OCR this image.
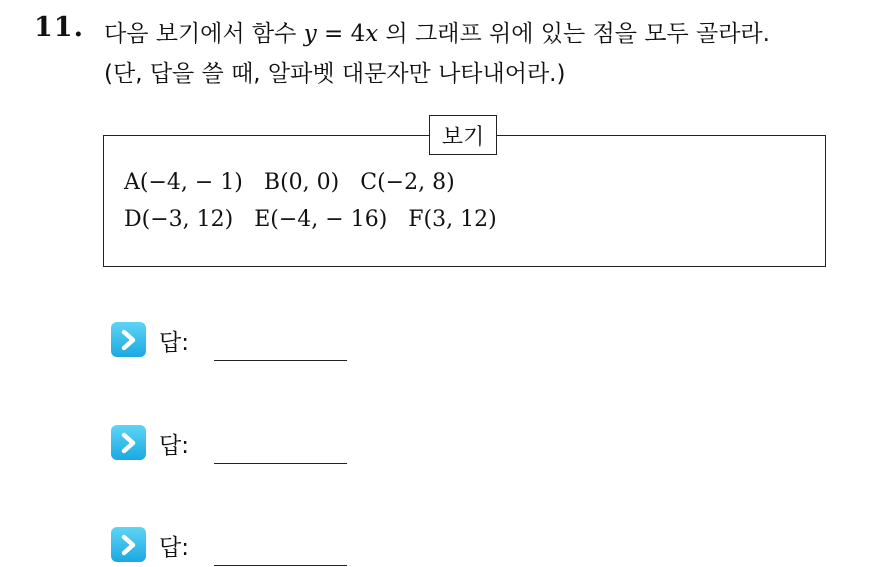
11. 다음 보기에서 함수 y = 4x 의 그래프 위에 있는 점을 모두 골라라.
(단, 답을 쓸 때, 알파벳 대문자만 나타내어라.)
보기
A(−4, − 1) B(0, 0) C(−2, 8)
D(−3, 12) E(−4, − 16) F(3, 12)
답:
답:
답:
